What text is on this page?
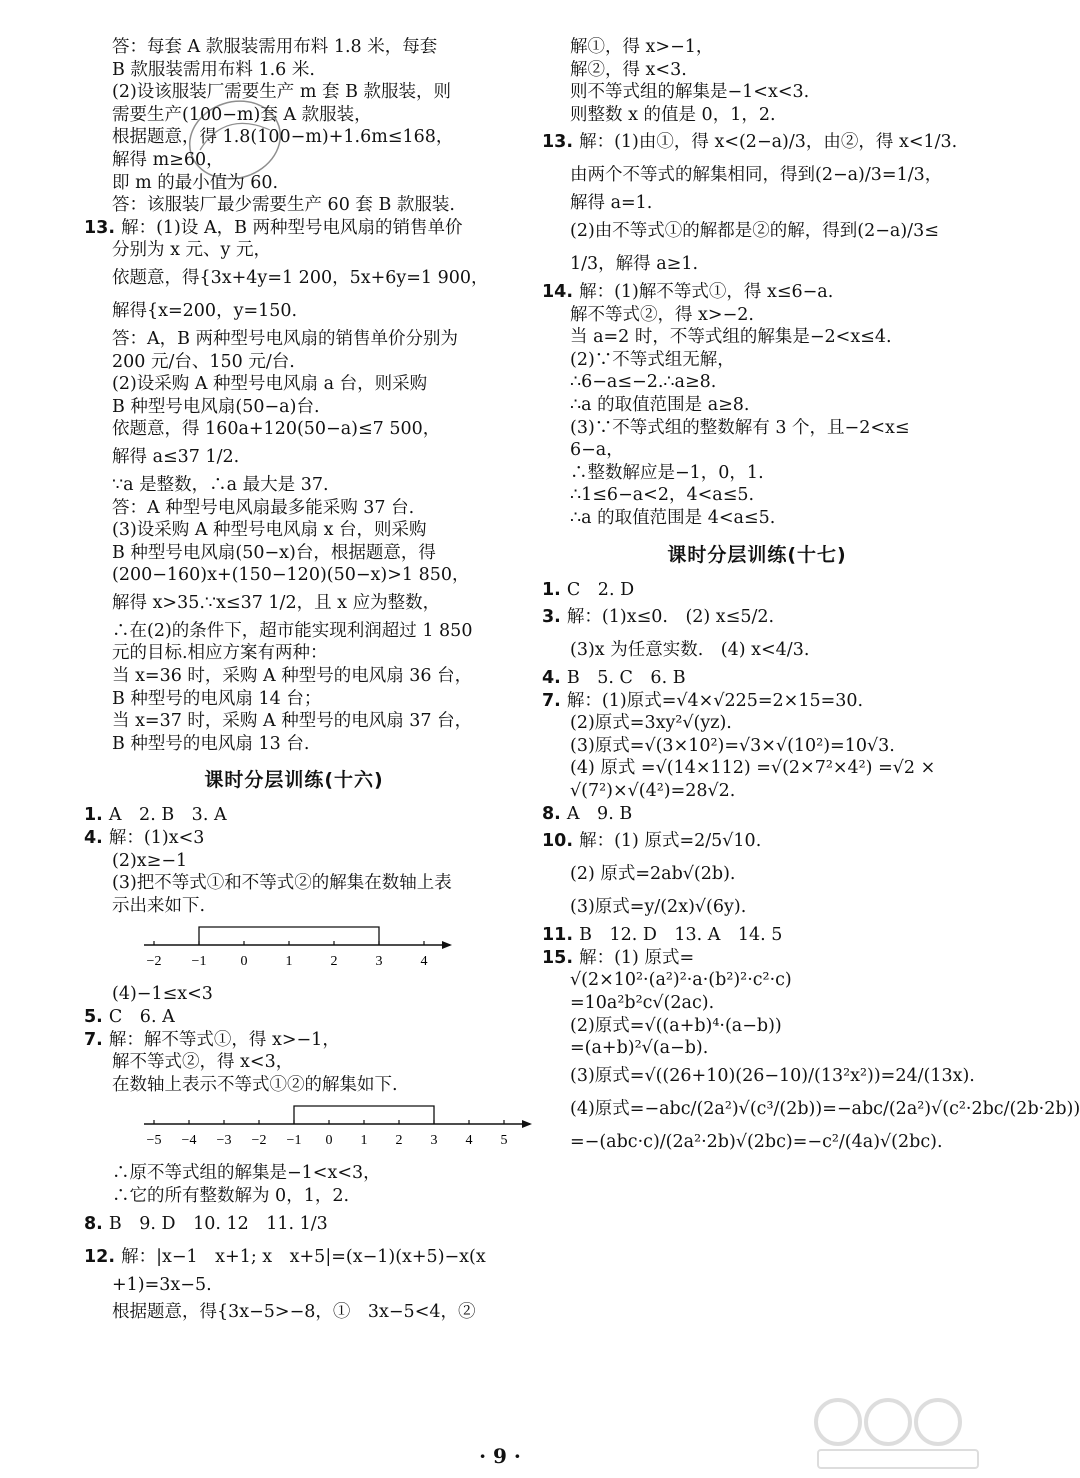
答：每套 A 款服装需用布料 1.8 米，每套
B 款服装需用布料 1.6 米.
(2)设该服装厂需要生产 m 套 B 款服装，则
需要生产(100−m)套 A 款服装，
根据题意，得 1.8(100−m)+1.6m≤168，
解得 m≥60，
即 m 的最小值为 60.
答：该服装厂最少需要生产 60 套 B 款服装.
13. 解：(1)设 A，B 两种型号电风扇的销售单价
分别为 x 元、y 元，
依题意，得{3x+4y=1 200，5x+6y=1 900，
解得{x=200，y=150.
答：A，B 两种型号电风扇的销售单价分别为
200 元/台、150 元/台.
(2)设采购 A 种型号电风扇 a 台，则采购
B 种型号电风扇(50−a)台.
依题意，得 160a+120(50−a)≤7 500，
解得 a≤37 1/2.
∵a 是整数，∴a 最大是 37.
答：A 种型号电风扇最多能采购 37 台.
(3)设采购 A 种型号电风扇 x 台，则采购
B 种型号电风扇(50−x)台，根据题意，得
(200−160)x+(150−120)(50−x)>1 850，
解得 x>35.∵x≤37 1/2，且 x 应为整数，
∴在(2)的条件下，超市能实现利润超过 1 850
元的目标.相应方案有两种：
当 x=36 时，采购 A 种型号的电风扇 36 台，
B 种型号的电风扇 14 台；
当 x=37 时，采购 A 种型号的电风扇 37 台，
B 种型号的电风扇 13 台.
课时分层训练(十六)
1. A　2. B　3. A
4. 解：(1)x<3
(2)x≥−1
(3)把不等式①和不等式②的解集在数轴上表
示出来如下.
−2 −1 0	1	2	3	4
(4)−1≤x<3
5. C　6. A
7. 解：解不等式①，得 x>−1，
解不等式②，得 x<3，
在数轴上表示不等式①②的解集如下.
−5 −4 −3 −2 −1 0 1 2 3 4 5
∴原不等式组的解集是−1<x<3，
∴它的所有整数解为 0，1，2.
8. B　9. D　10. 12　11. 1/3
12. 解：|x−1　x+1; x　x+5|=(x−1)(x+5)−x(x
+1)=3x−5.
根据题意，得{3x−5>−8，①　3x−5<4，②
解①，得 x>−1，
解②，得 x<3.
则不等式组的解集是−1<x<3.
则整数 x 的值是 0，1，2.
13. 解：(1)由①，得 x<(2−a)/3，由②，得 x<1/3.
由两个不等式的解集相同，得到(2−a)/3=1/3，
解得 a=1.
(2)由不等式①的解都是②的解，得到(2−a)/3≤
1/3，解得 a≥1.
14. 解：(1)解不等式①，得 x≤6−a.
解不等式②，得 x>−2.
当 a=2 时，不等式组的解集是−2<x≤4.
(2)∵不等式组无解，
∴6−a≤−2.∴a≥8.
∴a 的取值范围是 a≥8.
(3)∵不等式组的整数解有 3 个，且−2<x≤
6−a，
∴整数解应是−1，0，1.
∴1≤6−a<2，4<a≤5.
∴a 的取值范围是 4<a≤5.
课时分层训练(十七)
1. C　2. D
3. 解：(1)x≤0.　(2) x≤5/2.
(3)x 为任意实数.　(4) x<4/3.
4. B　5. C　6. B
7. 解：(1)原式=√4×√225=2×15=30.
(2)原式=3xy²√(yz).
(3)原式=√(3×10²)=√3×√(10²)=10√3.
(4) 原式 =√(14×112) =√(2×7²×4²) =√2 ×
√(7²)×√(4²)=28√2.
8. A　9. B
10. 解：(1) 原式=2/5√10.
(2) 原式=2ab√(2b).
(3)原式=y/(2x)√(6y).
11. B　12. D　13. A　14. 5
15. 解：(1) 原式=
√(2×10²·(a²)²·a·(b²)²·c²·c)
=10a²b²c√(2ac).
(2)原式=√((a+b)⁴·(a−b))
=(a+b)²√(a−b).
(3)原式=√((26+10)(26−10)/(13²x²))=24/(13x).
(4)原式=−abc/(2a²)√(c³/(2b))=−abc/(2a²)√(c²·2bc/(2b·2b))
=−(abc·c)/(2a²·2b)√(2bc)=−c²/(4a)√(2bc).
· 9 ·
